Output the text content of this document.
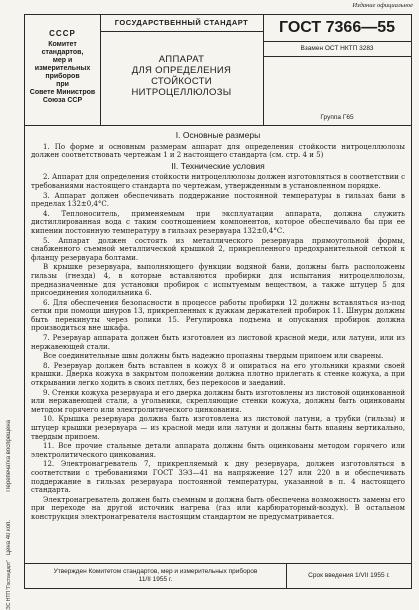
Издание официальное
Перепечатка воспрещена
Цена 40 коп.
ЭС НТП "Гостандарт"
СССР
Комитет стандартов,
мер и измерительных
приборов
при
Совете Министров
Союза ССР
ГОСУДАРСТВЕННЫЙ СТАНДАРТ
АППАРАТ
ДЛЯ ОПРЕДЕЛЕНИЯ СТОЙКОСТИ
НИТРОЦЕЛЛЮЛОЗЫ
ГОСТ 7366—55
Взамен ОСТ НКТП 3283
Группа Г65
I. Основные размеры

1. По форме и основным размерам аппарат для определения стойкости нитроцеллюлозы должен соответствовать чертежам 1 и 2 настоящего стандарта (см. стр. 4 и 5)

II. Технические условия

2. Аппарат для определения стойкости нитроцеллюлозы должен изготовляться в соответствии с требованиями настоящего стандарта по чертежам, утвержденным в установленном порядке.

3. Аппарат должен обеспечивать поддержание постоянной температуры в гильзах бани в пределах 132±0,4°С.

4. Теплоноситель, применяемым при эксплуатации аппарата, должна служить дистиллированная вода с таким соотношением компонентов, которое обеспечивало бы при ее кипении постоянную температуру в гильзах резервуара 132±0,4°С.

5. Аппарат должен состоять из металлического резервуара прямоугольной формы, снабженного съемной металлической крышкой 2, прикрепленного предохранительной сеткой к фланцу резервуара болтами.

В крышке резервуара, выполняющего функции водяной бани, должны быть расположены гильзы (гнезда) 4, в которые вставляются пробирки для испытания нитроцеллюлозы, предназначенные для установки пробирок с испытуемым веществом, а также штуцер 5 для присоединения холодильника 6.

6. Для обеспечения безопасности в процессе работы пробирки 12 должны вставляться из-под сетки при помощи шнуров 13, прикрепленных к дужкам держателей пробирок 11. Шнуры должны быть перекинуты через ролики 15. Регулировка подъема и опускания пробирок должна производиться вне шкафа.

7. Резервуар аппарата должен быть изготовлен из листовой красной меди, или латуни, или из нержавеющей стали.

Все соединительные швы должны быть надежно пропаяны твердым припоем или сварены.

8. Резервуар должен быть вставлен в кожух 8 и опираться на его угольники краями своей крышки. Дверка кожуха в закрытом положении должна плотно прилегать к стенке кожуха, а при открывании легко ходить в своих петлях, без перекосов и заеданий.

9. Стенки кожуха резервуара и его дверка должны быть изготовлены из листовой оцинкованной или нержавеющей стали, а угольники, скрепляющие стенки кожуха, должны быть оцинкованы методом горячего или электролитического цинкования.

10. Крышка резервуара должна быть изготовлена из листовой латуни, а трубки (гильзы) и штуцер крышки резервуара — из красной меди или латуни и должны быть впаяны вертикально, твердым припоем.

11. Все прочие стальные детали аппарата должны быть оцинкованы методом горячего или электролитического цинкования.

12. Электронагреватель 7, прикрепляемый к дну резервуара, должен изготовляться в соответствии с требованиями ГОСТ 3Э3—41 на напряжение 127 или 220 в и обеспечивать поддержание в гильзах резервуара постоянной температуры, указанной в п. 4 настоящего стандарта.

Электронагреватель должен быть съемным и должна быть обеспечена возможность замены его при переходе на другой источник нагрева (газ или карбюраторный-воздух). В остальном конструкция электронагревателя настоящим стандартом не предусматривается.

Утвержден Комитетом стандартов, мер и измерительных приборов
11/II 1955 г.
Срок введения 1/VII 1955 г.
